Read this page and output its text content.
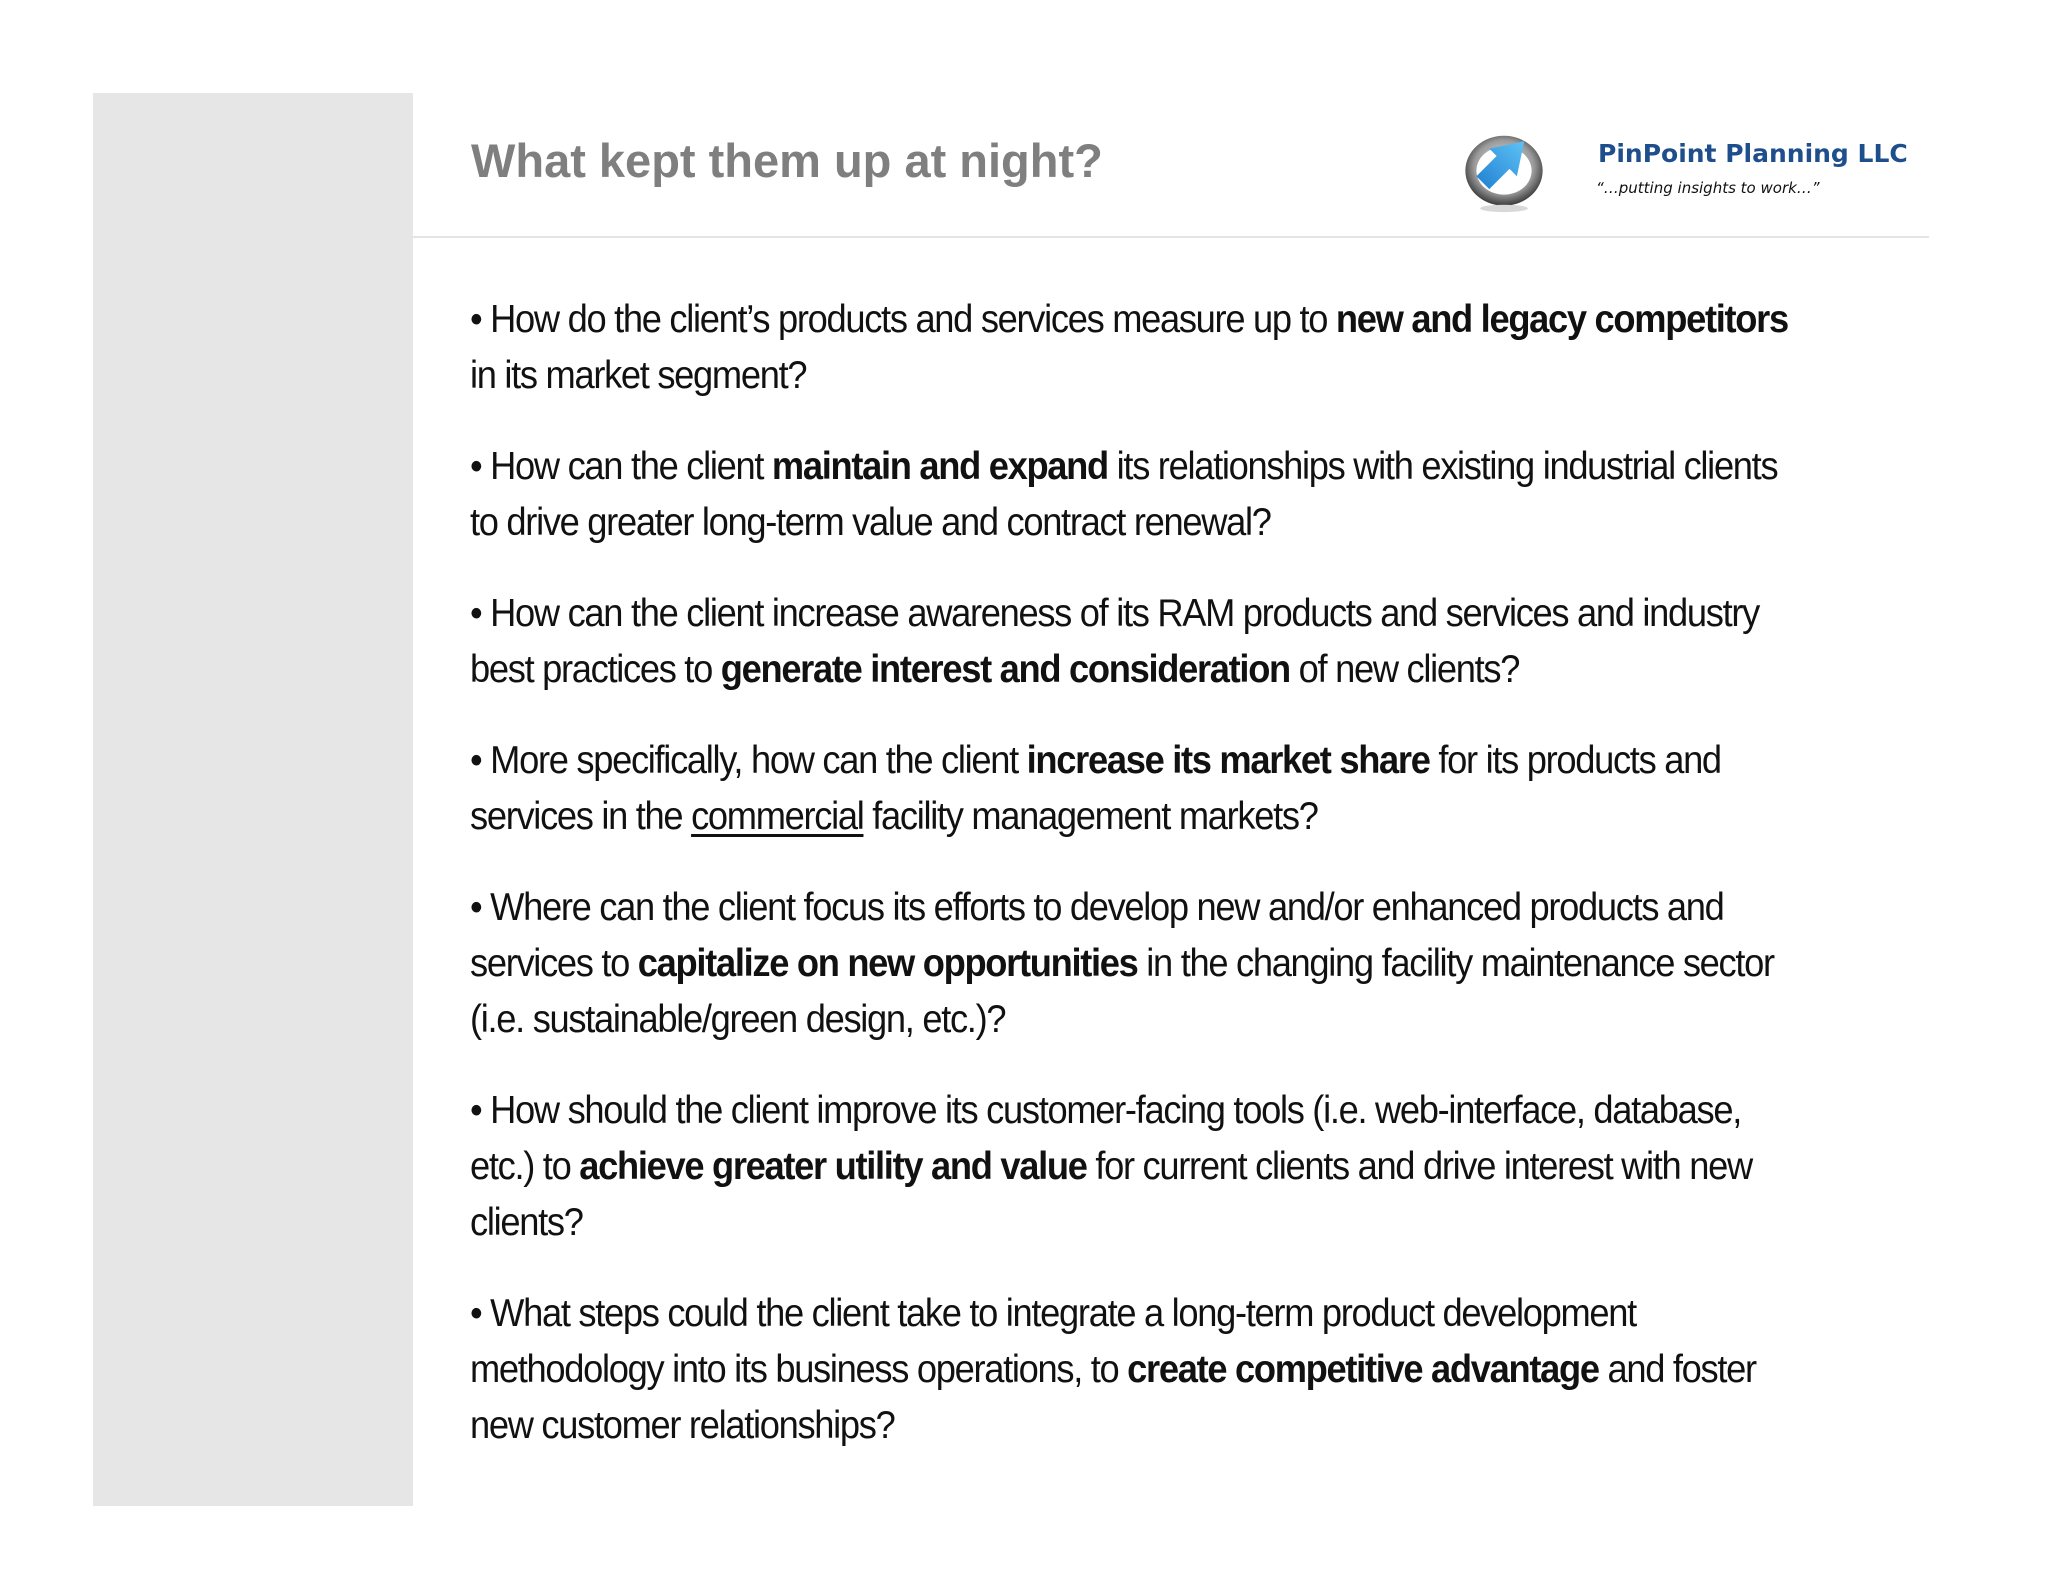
What kept them up at night?	PinPoint Planning LLC
“…putting insights to work…”

• How do the client’s products and services measure up to new and legacy competitors in its market segment?

• How can the client maintain and expand its relationships with existing industrial clients to drive greater long-term value and contract renewal?

• How can the client increase awareness of its RAM products and services and industry best practices to generate interest and consideration of new clients?

• More specifically, how can the client increase its market share for its products and services in the commercial facility management markets?

• Where can the client focus its efforts to develop new and/or enhanced products and services to capitalize on new opportunities in the changing facility maintenance sector (i.e. sustainable/green design, etc.)?

• How should the client improve its customer-facing tools (i.e. web-interface, database, etc.) to achieve greater utility and value for current clients and drive interest with new clients?

• What steps could the client take to integrate a long-term product development methodology into its business operations, to create competitive advantage and foster new customer relationships?
